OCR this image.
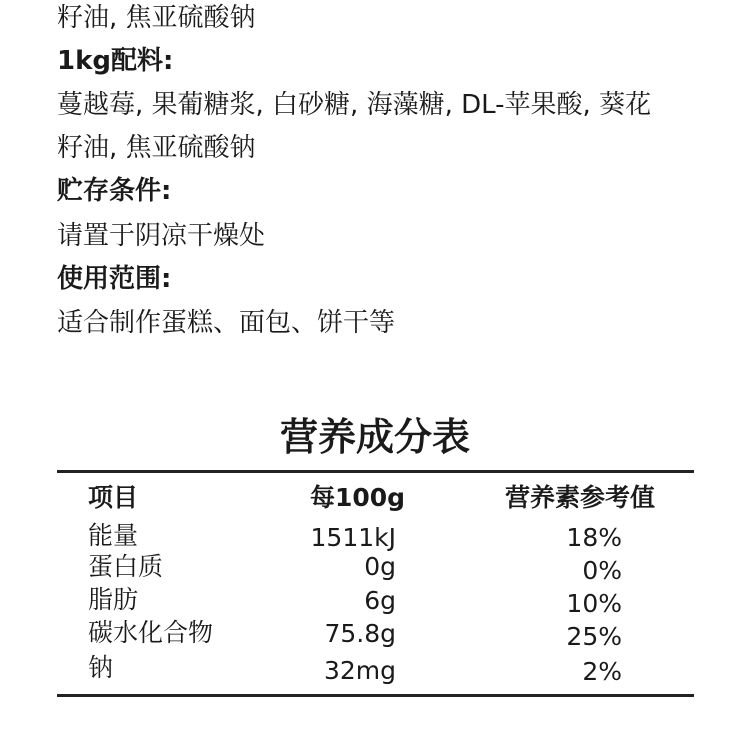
籽油, 焦亚硫酸钠
1kg配料:
蔓越莓, 果葡糖浆, 白砂糖, 海藻糖, DL-苹果酸, 葵花
籽油, 焦亚硫酸钠
贮存条件:
请置于阴凉干燥处
使用范围:
适合制作蛋糕、面包、饼干等
营养成分表
项目	每100g	营养素参考值
能量	1511kJ	18%
蛋白质	0g	0%
脂肪	6g	10%
碳水化合物	75.8g	25%
钠	32mg	2%
